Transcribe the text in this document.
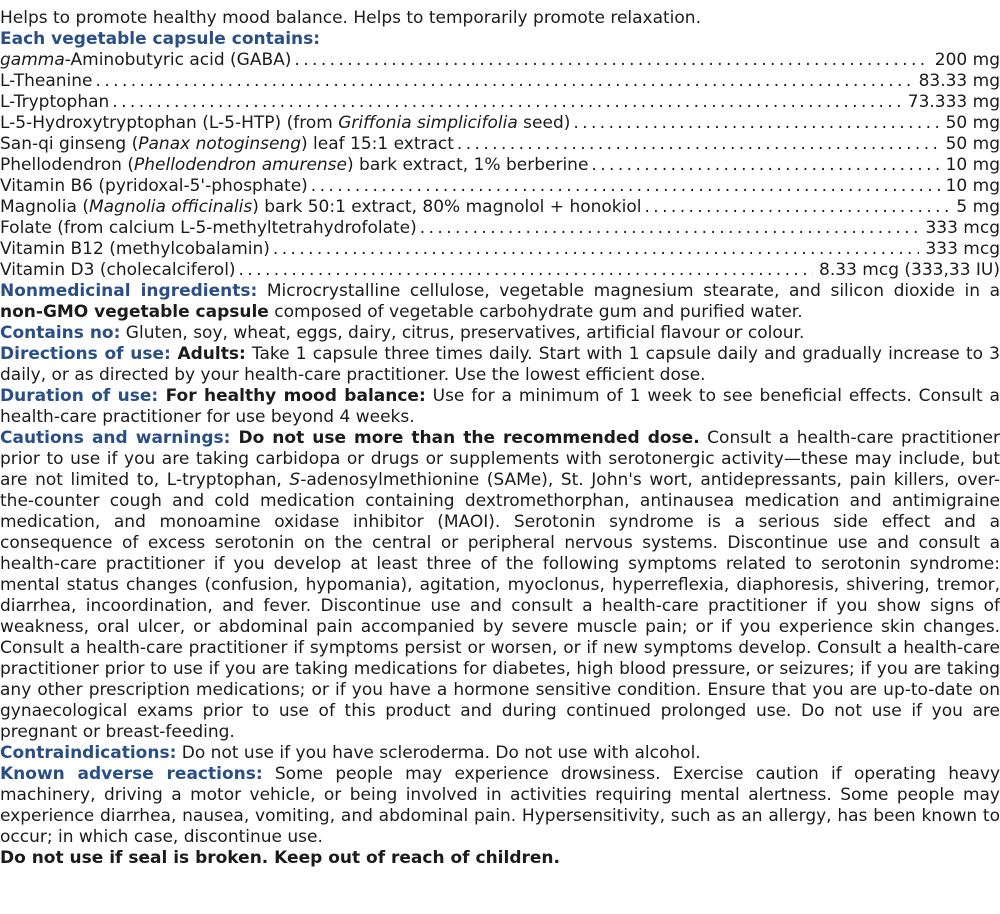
Helps to promote healthy mood balance. Helps to temporarily promote relaxation.

Each vegetable capsule contains:
gamma-Aminobutyric acid (GABA) . . .	200 mg
L-Theanine . . .	83.33 mg
L-Tryptophan . . .	73.333 mg
L-5-Hydroxytryptophan (L-5-HTP) (from Griffonia simplicifolia seed) . . .	50 mg
San-qi ginseng (Panax notoginseng) leaf 15:1 extract . . .	50 mg
Phellodendron (Phellodendron amurense) bark extract, 1% berberine . . .	10 mg
Vitamin B6 (pyridoxal-5'-phosphate) . . .	10 mg
Magnolia (Magnolia officinalis) bark 50:1 extract, 80% magnolol + honokiol . . .	5 mg
Folate (from calcium L-5-methyltetrahydrofolate) . . .	333 mcg
Vitamin B12 (methylcobalamin) . . .	333 mcg
Vitamin D3 (cholecalciferol) . . .	8.33 mcg (333,33 IU)

Nonmedicinal ingredients: Microcrystalline cellulose, vegetable magnesium stearate, and silicon dioxide in a non-GMO vegetable capsule composed of vegetable carbohydrate gum and purified water.

Contains no: Gluten, soy, wheat, eggs, dairy, citrus, preservatives, artificial flavour or colour.

Directions of use: Adults: Take 1 capsule three times daily. Start with 1 capsule daily and gradually increase to 3 daily, or as directed by your health-care practitioner. Use the lowest efficient dose.

Duration of use: For healthy mood balance: Use for a minimum of 1 week to see beneficial effects. Consult a health-care practitioner for use beyond 4 weeks.

Cautions and warnings: Do not use more than the recommended dose. Consult a health-care practitioner prior to use if you are taking carbidopa or drugs or supplements with serotonergic activity—these may include, but are not limited to, L-tryptophan, S-adenosylmethionine (SAMe), St. John's wort, antidepressants, pain killers, over-the-counter cough and cold medication containing dextromethorphan, antinausea medication and antimigraine medication, and monoamine oxidase inhibitor (MAOI). Serotonin syndrome is a serious side effect and a consequence of excess serotonin on the central or peripheral nervous systems. Discontinue use and consult a health-care practitioner if you develop at least three of the following symptoms related to serotonin syndrome: mental status changes (confusion, hypomania), agitation, myoclonus, hyperreflexia, diaphoresis, shivering, tremor, diarrhea, incoordination, and fever. Discontinue use and consult a health-care practitioner if you show signs of weakness, oral ulcer, or abdominal pain accompanied by severe muscle pain; or if you experience skin changes. Consult a health-care practitioner if symptoms persist or worsen, or if new symptoms develop. Consult a health-care practitioner prior to use if you are taking medications for diabetes, high blood pressure, or seizures; if you are taking any other prescription medications; or if you have a hormone sensitive condition. Ensure that you are up-to-date on gynaecological exams prior to use of this product and during continued prolonged use. Do not use if you are pregnant or breast-feeding.

Contraindications: Do not use if you have scleroderma. Do not use with alcohol.

Known adverse reactions: Some people may experience drowsiness. Exercise caution if operating heavy machinery, driving a motor vehicle, or being involved in activities requiring mental alertness. Some people may experience diarrhea, nausea, vomiting, and abdominal pain. Hypersensitivity, such as an allergy, has been known to occur; in which case, discontinue use.

Do not use if seal is broken. Keep out of reach of children.
